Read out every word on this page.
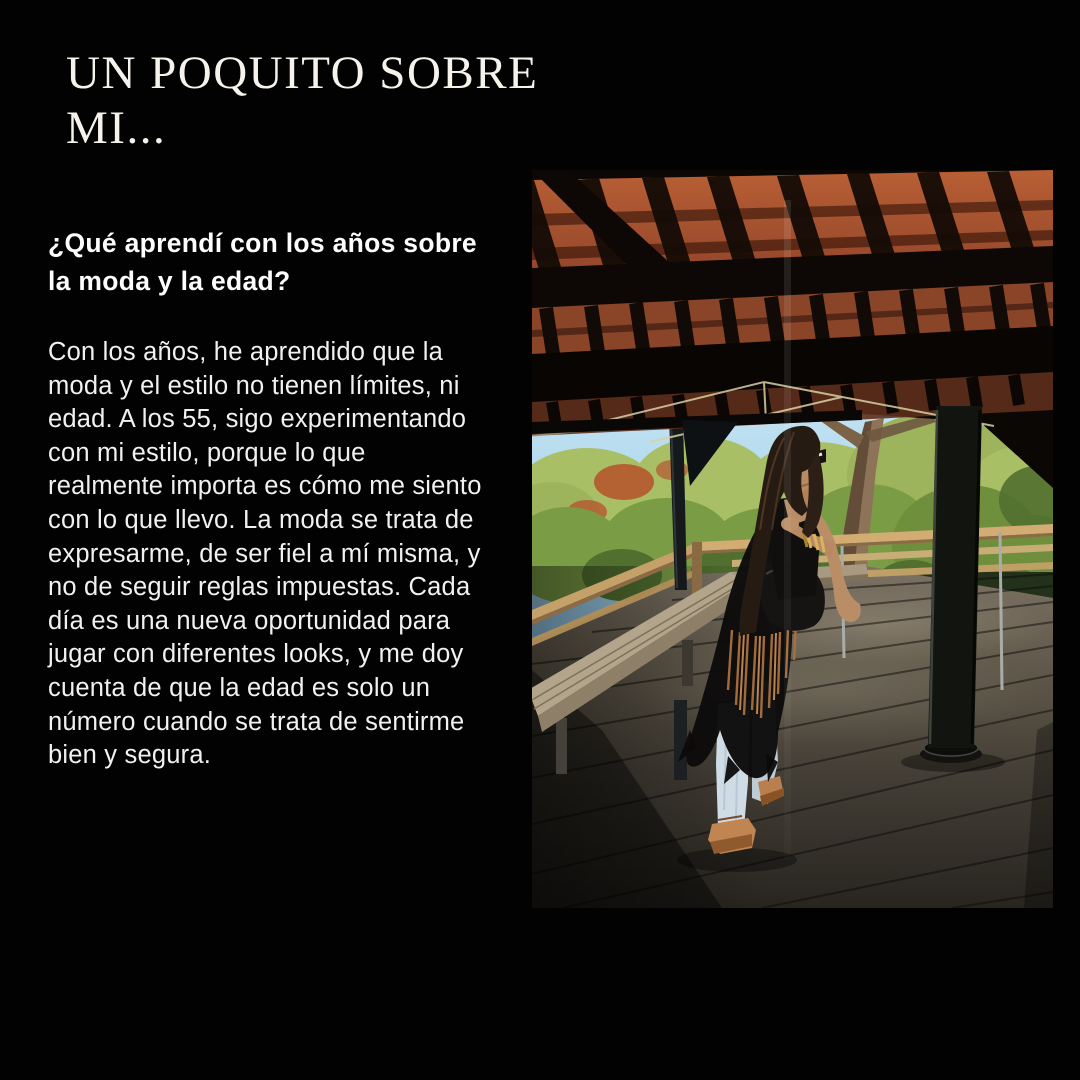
UN POQUITO SOBRE
MI...
¿Qué aprendí con los años sobre
la moda y la edad?
Con los años, he aprendido que la
moda y el estilo no tienen límites, ni
edad. A los 55, sigo experimentando
con mi estilo, porque lo que
realmente importa es cómo me siento
con lo que llevo. La moda se trata de
expresarme, de ser fiel a mí misma, y
no de seguir reglas impuestas. Cada
día es una nueva oportunidad para
jugar con diferentes looks, y me doy
cuenta de que la edad es solo un
número cuando se trata de sentirme
bien y segura.
